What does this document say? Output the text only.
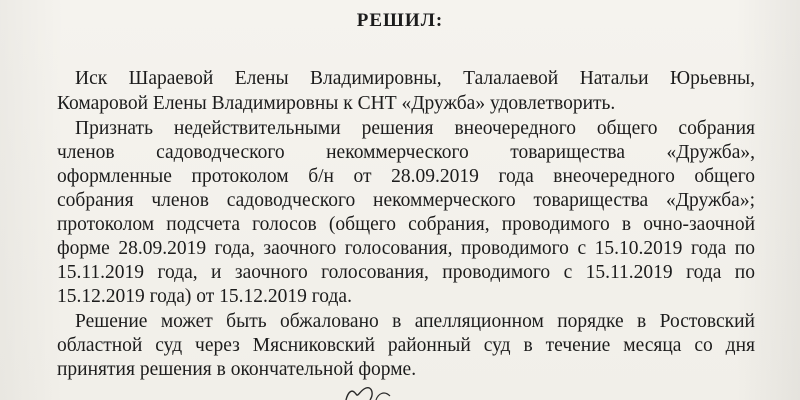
РЕШИЛ:
Иск Шараевой Елены Владимировны, Талалаевой Натальи Юрьевны,
Комаровой Елены Владимировны к СНТ «Дружба» удовлетворить.
Признать недействительными решения внеочередного общего собрания
членов садоводческого некоммерческого товарищества «Дружба»,
оформленные протоколом б/н от 28.09.2019 года внеочередного общего
собрания членов садоводческого некоммерческого товарищества «Дружба»;
протоколом подсчета голосов (общего собрания, проводимого в очно-заочной
форме 28.09.2019 года, заочного голосования, проводимого с 15.10.2019 года по
15.11.2019 года, и заочного голосования, проводимого с 15.11.2019 года по
15.12.2019 года) от 15.12.2019 года.
Решение может быть обжаловано в апелляционном порядке в Ростовский
областной суд через Мясниковский районный суд в течение месяца со дня
принятия решения в окончательной форме.
